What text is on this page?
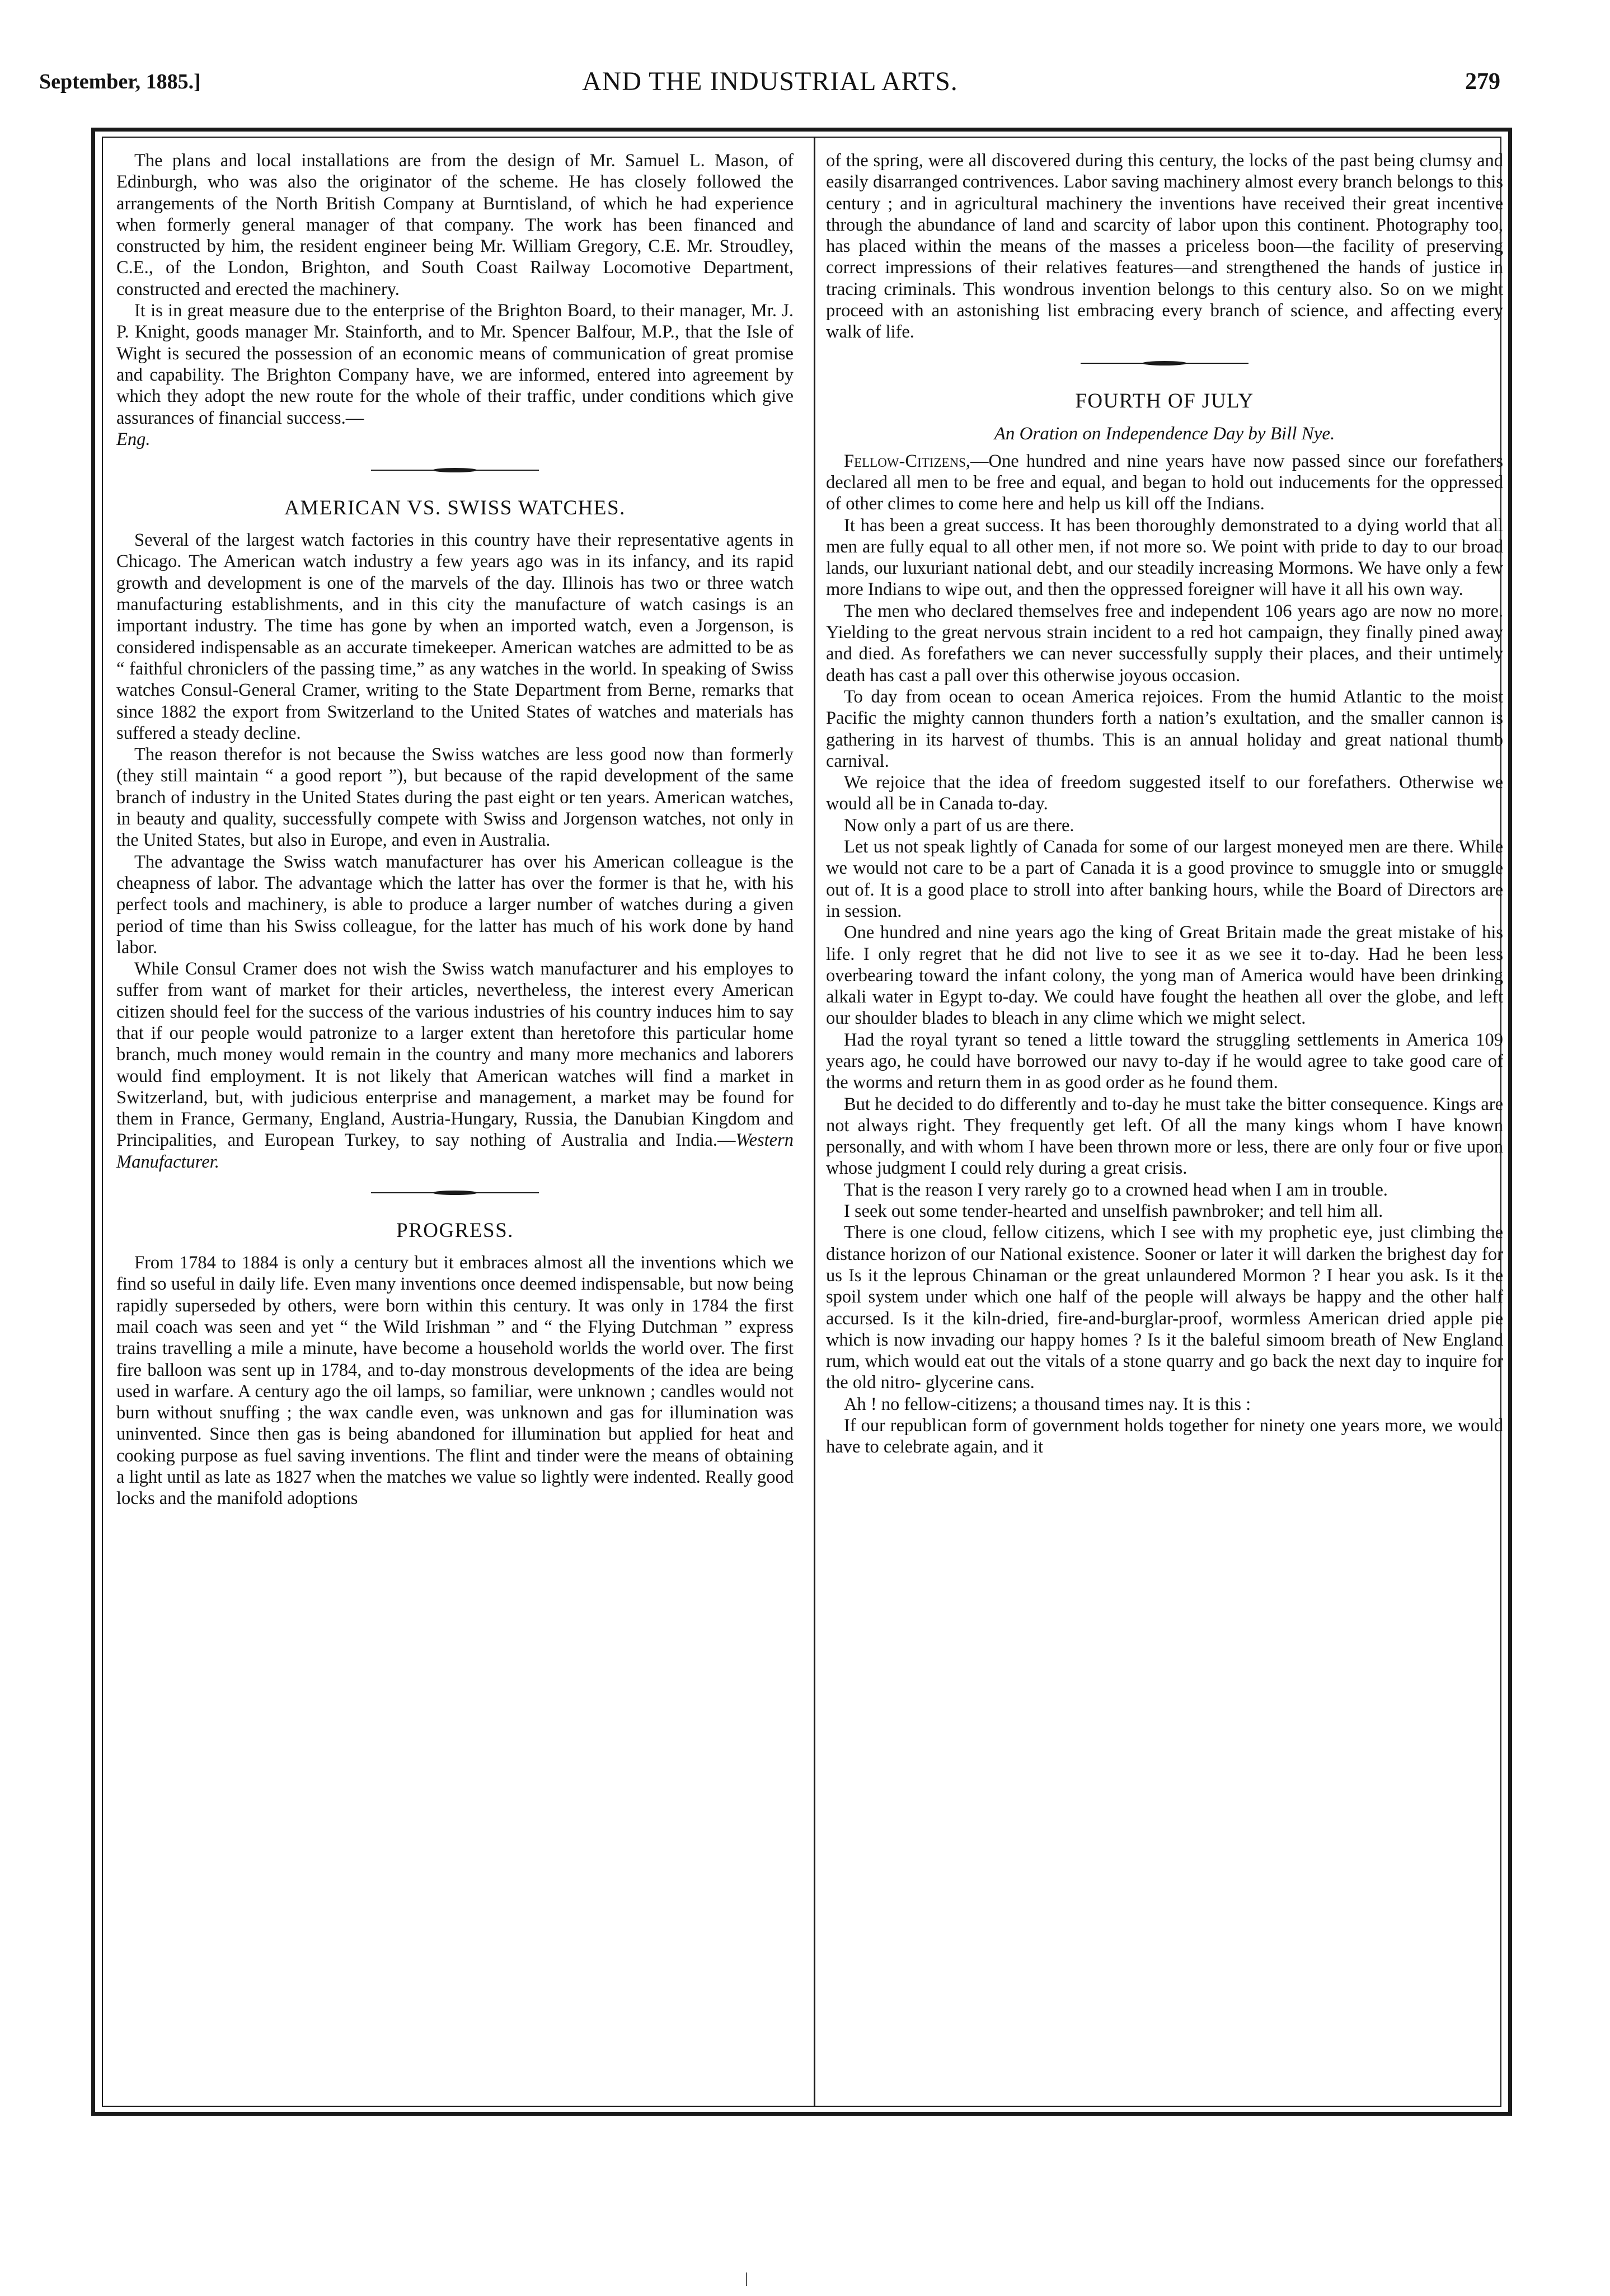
September, 1885.]	AND THE INDUSTRIAL ARTS.	279

The plans and local installations are from the design of Mr. Samuel L. Mason, of Edinburgh, who was also the originator of the scheme. He has closely followed the arrangements of the North British Company at Burntisland, of which he had experience when formerly general manager of that company. The work has been financed and constructed by him, the resident engineer being Mr. William Gregory, C.E. Mr. Stroudley, C.E., of the London, Brighton, and South Coast Railway Locomotive Department, constructed and erected the machinery.

It is in great measure due to the enterprise of the Brighton Board, to their manager, Mr. J. P. Knight, goods manager Mr. Stainforth, and to Mr. Spencer Balfour, M.P., that the Isle of Wight is secured the possession of an economic means of communication of great promise and capability. The Brighton Company have, we are informed, entered into agreement by which they adopt the new route for the whole of their traffic, under conditions which give assurances of financial success.—
Eng.

AMERICAN VS. SWISS WATCHES.

Several of the largest watch factories in this country have their representative agents in Chicago. The American watch industry a few years ago was in its infancy, and its rapid growth and development is one of the marvels of the day. Illinois has two or three watch manufacturing establishments, and in this city the manufacture of watch casings is an important industry. The time has gone by when an imported watch, even a Jorgenson, is considered indispensable as an accurate timekeeper. American watches are admitted to be as “ faithful chroniclers of the passing time,” as any watches in the world. In speaking of Swiss watches Consul-General Cramer, writing to the State Department from Berne, remarks that since 1882 the export from Switzerland to the United States of watches and materials has suffered a steady decline.

The reason therefor is not because the Swiss watches are less good now than formerly (they still maintain “ a good report ”), but because of the rapid development of the same branch of industry in the United States during the past eight or ten years. American watches, in beauty and quality, successfully compete with Swiss and Jorgenson watches, not only in the United States, but also in Europe, and even in Australia.

The advantage the Swiss watch manufacturer has over his American colleague is the cheapness of labor. The advantage which the latter has over the former is that he, with his perfect tools and machinery, is able to produce a larger number of watches during a given period of time than his Swiss colleague, for the latter has much of his work done by hand labor.

While Consul Cramer does not wish the Swiss watch manufacturer and his employes to suffer from want of market for their articles, nevertheless, the interest every American citizen should feel for the success of the various industries of his country induces him to say that if our people would patronize to a larger extent than heretofore this particular home branch, much money would remain in the country and many more mechanics and laborers would find employment. It is not likely that American watches will find a market in Switzerland, but, with judicious enterprise and management, a market may be found for them in France, Germany, England, Austria-Hungary, Russia, the Danubian Kingdom and Principalities, and European Turkey, to say nothing of Australia and India.—Western Manufacturer.

PROGRESS.

From 1784 to 1884 is only a century but it embraces almost all the inventions which we find so useful in daily life. Even many inventions once deemed indispensable, but now being rapidly superseded by others, were born within this century. It was only in 1784 the first mail coach was seen and yet “ the Wild Irishman ” and “ the Flying Dutchman ” express trains travelling a mile a minute, have become a household worlds the world over. The first fire balloon was sent up in 1784, and to-day monstrous developments of the idea are being used in warfare. A century ago the oil lamps, so familiar, were unknown ; candles would not burn without snuffing ; the wax candle even, was unknown and gas for illumination was uninvented. Since then gas is being abandoned for illumination but applied for heat and cooking purpose as fuel saving inventions. The flint and tinder were the means of obtaining a light until as late as 1827 when the matches we value so lightly were indented. Really good locks and the manifold adoptions

of the spring, were all discovered during this century, the locks of the past being clumsy and easily disarranged contrivences. Labor saving machinery almost every branch belongs to this century ; and in agricultural machinery the inventions have received their great incentive through the abundance of land and scarcity of labor upon this continent. Photography too, has placed within the means of the masses a priceless boon—the facility of preserving correct impressions of their relatives features—and strengthened the hands of justice in tracing criminals. This wondrous invention belongs to this century also. So on we might proceed with an astonishing list embracing every branch of science, and affecting every walk of life.

FOURTH OF JULY
An Oration on Independence Day by Bill Nye.

Fellow-Citizens,—One hundred and nine years have now passed since our forefathers declared all men to be free and equal, and began to hold out inducements for the oppressed of other climes to come here and help us kill off the Indians.

It has been a great success. It has been thoroughly demonstrated to a dying world that all men are fully equal to all other men, if not more so. We point with pride to day to our broad lands, our luxuriant national debt, and our steadily increasing Mormons. We have only a few more Indians to wipe out, and then the oppressed foreigner will have it all his own way.

The men who declared themselves free and independent 106 years ago are now no more. Yielding to the great nervous strain incident to a red hot campaign, they finally pined away and died. As forefathers we can never successfully supply their places, and their untimely death has cast a pall over this otherwise joyous occasion.

To day from ocean to ocean America rejoices. From the humid Atlantic to the moist Pacific the mighty cannon thunders forth a nation’s exultation, and the smaller cannon is gathering in its harvest of thumbs. This is an annual holiday and great national thumb carnival.

We rejoice that the idea of freedom suggested itself to our forefathers. Otherwise we would all be in Canada to-day.

Now only a part of us are there.

Let us not speak lightly of Canada for some of our largest moneyed men are there. While we would not care to be a part of Canada it is a good province to smuggle into or smuggle out of. It is a good place to stroll into after banking hours, while the Board of Directors are in session.

One hundred and nine years ago the king of Great Britain made the great mistake of his life. I only regret that he did not live to see it as we see it to-day. Had he been less overbearing toward the infant colony, the yong man of America would have been drinking alkali water in Egypt to-day. We could have fought the heathen all over the globe, and left our shoulder blades to bleach in any clime which we might select.

Had the royal tyrant so tened a little toward the struggling settlements in America 109 years ago, he could have borrowed our navy to-day if he would agree to take good care of the worms and return them in as good order as he found them.

But he decided to do differently and to-day he must take the bitter consequence. Kings are not always right. They frequently get left. Of all the many kings whom I have known personally, and with whom I have been thrown more or less, there are only four or five upon whose judgment I could rely during a great crisis.

That is the reason I very rarely go to a crowned head when I am in trouble.

I seek out some tender-hearted and unselfish pawnbroker; and tell him all.

There is one cloud, fellow citizens, which I see with my prophetic eye, just climbing the distance horizon of our National existence. Sooner or later it will darken the brighest day for us Is it the leprous Chinaman or the great unlaundered Mormon ? I hear you ask. Is it the spoil system under which one half of the people will always be happy and the other half accursed. Is it the kiln-dried, fire-and-burglar-proof, wormless American dried apple pie which is now invading our happy homes ? Is it the baleful simoom breath of New England rum, which would eat out the vitals of a stone quarry and go back the next day to inquire for the old nitro- glycerine cans.

Ah ! no fellow-citizens; a thousand times nay. It is this :

If our republican form of government holds together for ninety one years more, we would have to celebrate again, and it
